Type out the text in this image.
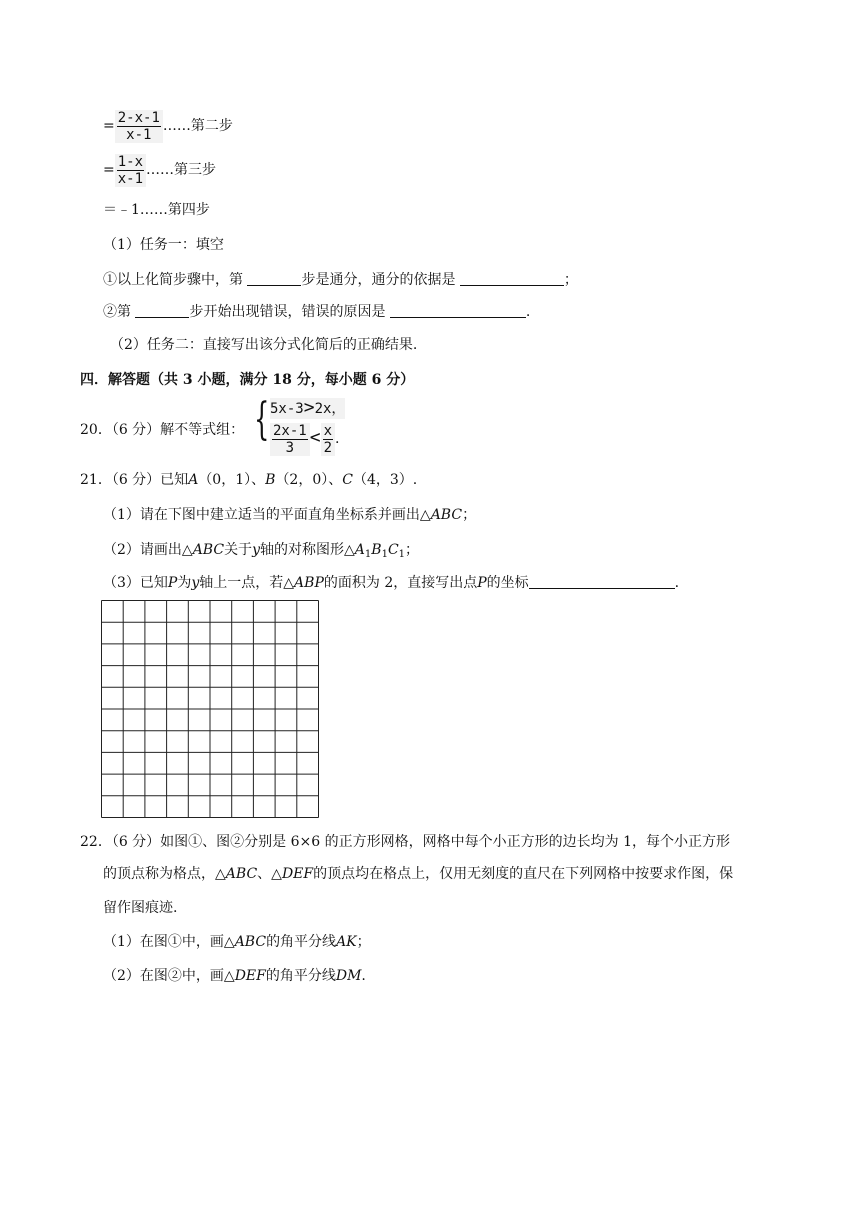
= $\frac{2-x-1}{x-1}$ ……第二步
= $\frac{1-x}{x-1}$ ……第三步
＝﹣1……第四步
（1）任务一：填空
①以上化简步骤中，第	步是通分，通分的依据是	；
②第	步开始出现错误，错误的原因是	.
（2）任务二：直接写出该分式化简后的正确结果.
四．解答题（共 3 小题，满分 18 分，每小题 6 分）
20．（6 分）解不等式组： { 5x-3>2x，
$\frac{2x-1}{3} < \frac{x}{2}$ .
21．（6 分）已知A（0，1）、B（2，0）、C（4，3）.
（1）请在下图中建立适当的平面直角坐标系并画出△ABC；
（2）请画出△ABC关于y轴的对称图形$\triangle A_1B_1C_1$；
（3）已知P为y轴上一点，若△ABP的面积为 2，直接写出点P的坐标	.
22．（6 分）如图①、图②分别是 6×6 的正方形网格，网格中每个小正方形的边长均为 1，每个小正方形
的顶点称为格点，△ABC、△DEF的顶点均在格点上，仅用无刻度的直尺在下列网格中按要求作图，保
留作图痕迹.
（1）在图①中，画△ABC的角平分线AK；
（2）在图②中，画△DEF的角平分线DM.
